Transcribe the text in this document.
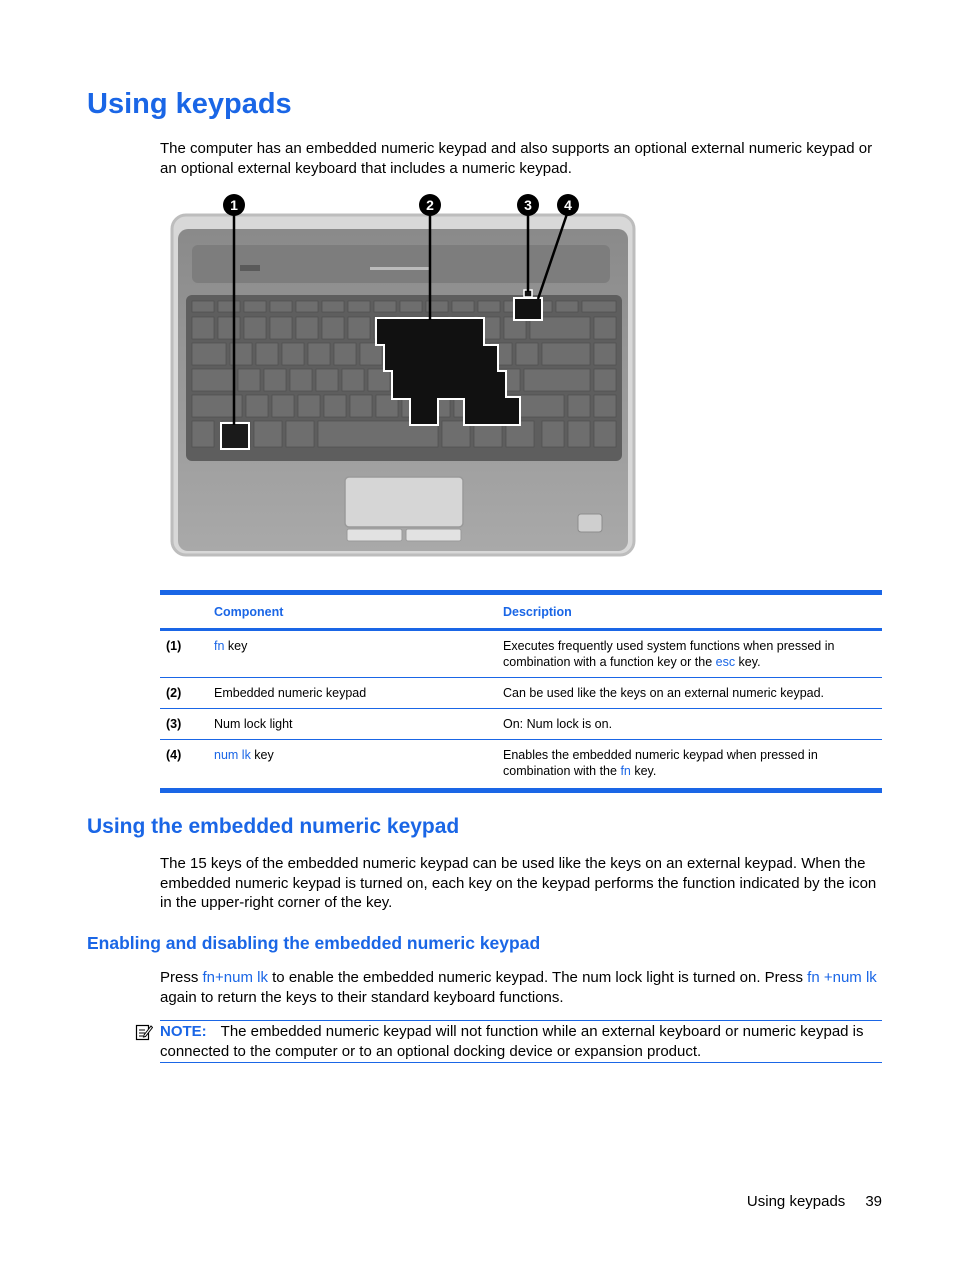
Using keypads

The computer has an embedded numeric keypad and also supports an optional external numeric keypad or an optional external keyboard that includes a numeric keypad.

1	2	3 4
	Component	Description
(1)	fn key	Executes frequently used system functions when pressed in combination with a function key or the esc key.
(2)	Embedded numeric keypad	Can be used like the keys on an external numeric keypad.
(3)	Num lock light	On: Num lock is on.
(4)	num lk key	Enables the embedded numeric keypad when pressed in combination with the fn key.
Using the embedded numeric keypad

The 15 keys of the embedded numeric keypad can be used like the keys on an external keypad. When the embedded numeric keypad is turned on, each key on the keypad performs the function indicated by the icon in the upper-right corner of the key.

Enabling and disabling the embedded numeric keypad

Press fn+num lk to enable the embedded numeric keypad. The num lock light is turned on. Press fn +num lk again to return the keys to their standard keyboard functions.

NOTE: The embedded numeric keypad will not function while an external keyboard or numeric keypad is connected to the computer or to an optional docking device or expansion product.
Using keypads 39
